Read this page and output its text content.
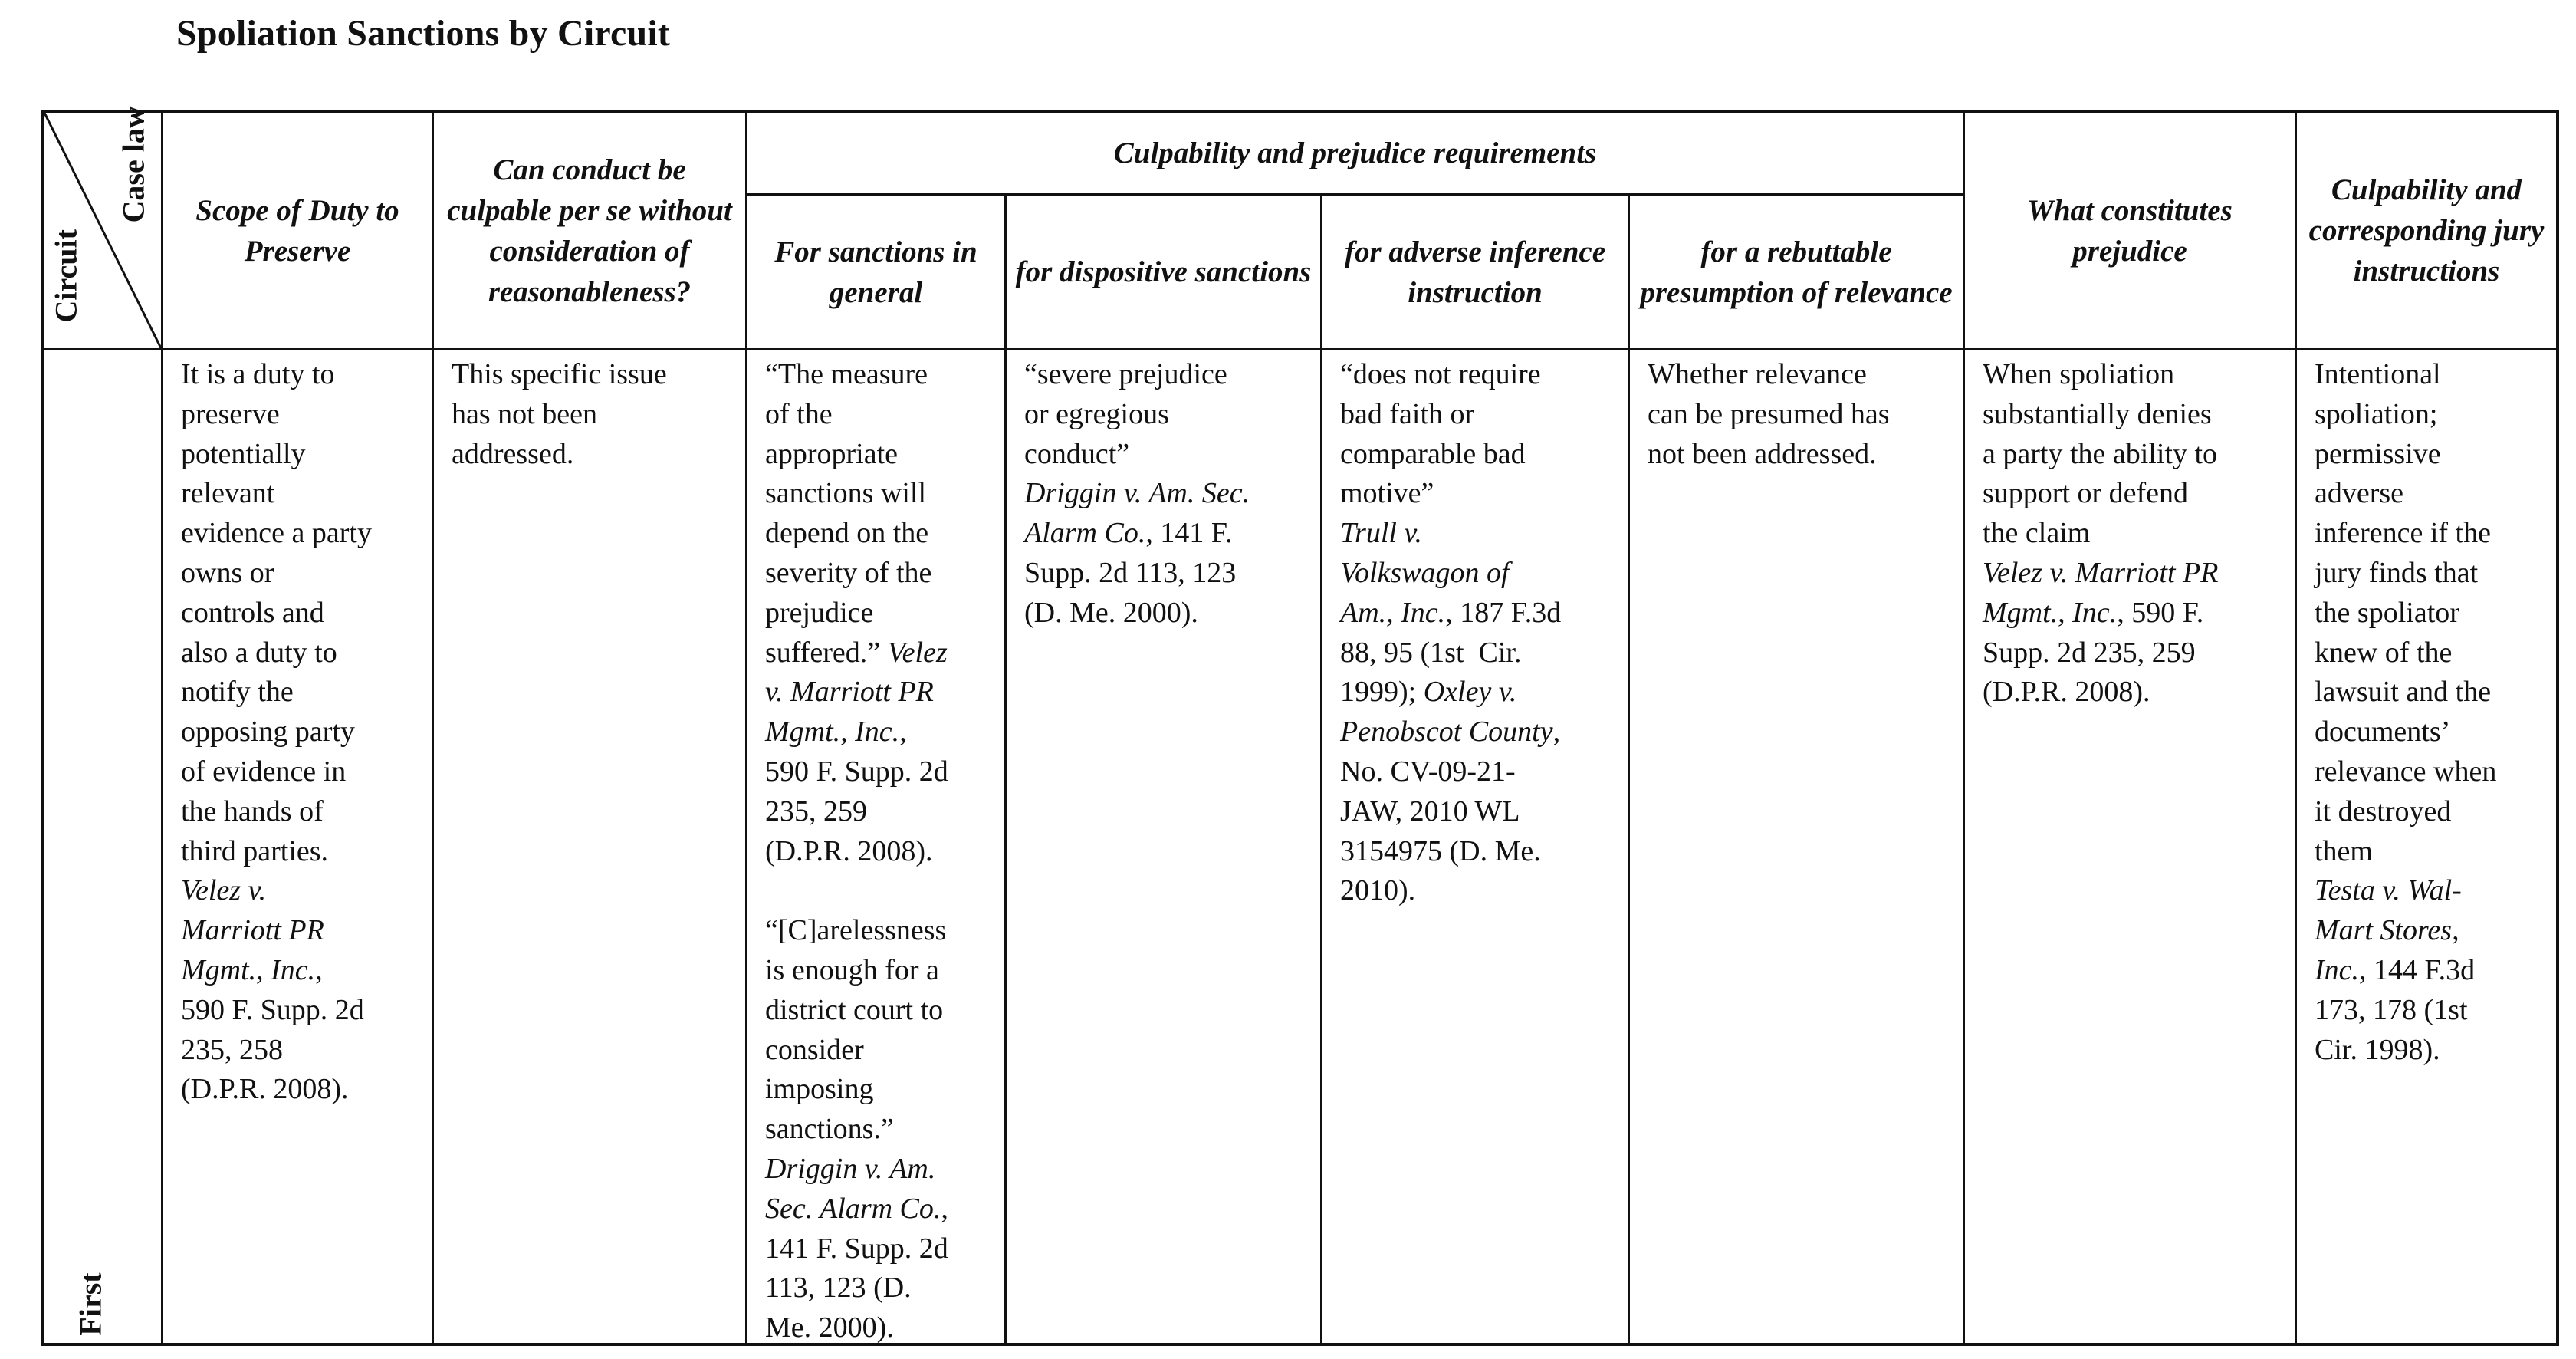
Spoliation Sanctions by Circuit
Circuit
Case law	Scope of Duty to Preserve
Can conduct be culpable per se without consideration of reasonableness?
Culpability and prejudice requirements
For sanctions in general
for dispositive sanctions
for adverse inference instruction
for a rebuttable presumption of relevance
What constitutes prejudice
Culpability and corresponding jury instructions
First
It is a duty to
preserve
potentially
relevant
evidence a party
owns or
controls and
also a duty to
notify the
opposing party
of evidence in
the hands of
third parties.
Velez v.
Marriott PR
Mgmt., Inc.,
590 F. Supp. 2d
235, 258
(D.P.R. 2008).
This specific issue
has not been
addressed.
“The measure
of the
appropriate
sanctions will
depend on the
severity of the
prejudice
suffered.” Velez
v. Marriott PR
Mgmt., Inc.,
590 F. Supp. 2d
235, 259
(D.P.R. 2008).
“[C]arelessness
is enough for a
district court to
consider
imposing
sanctions.”
Driggin v. Am.
Sec. Alarm Co.,
141 F. Supp. 2d
113, 123 (D.
Me. 2000).
“severe prejudice
or egregious
conduct”
Driggin v. Am. Sec.
Alarm Co., 141 F.
Supp. 2d 113, 123
(D. Me. 2000).
“does not require
bad faith or
comparable bad
motive”
Trull v.
Volkswagon of
Am., Inc., 187 F.3d
88, 95 (1st  Cir.
1999); Oxley v.
Penobscot County,
No. CV-09-21-
JAW, 2010 WL
3154975 (D. Me.
2010).
Whether relevance
can be presumed has
not been addressed.
When spoliation
substantially denies
a party the ability to
support or defend
the claim
Velez v. Marriott PR
Mgmt., Inc., 590 F.
Supp. 2d 235, 259
(D.P.R. 2008).
Intentional
spoliation;
permissive
adverse
inference if the
jury finds that
the spoliator
knew of the
lawsuit and the
documents’
relevance when
it destroyed
them
Testa v. Wal-
Mart Stores,
Inc., 144 F.3d
173, 178 (1st
Cir. 1998).
